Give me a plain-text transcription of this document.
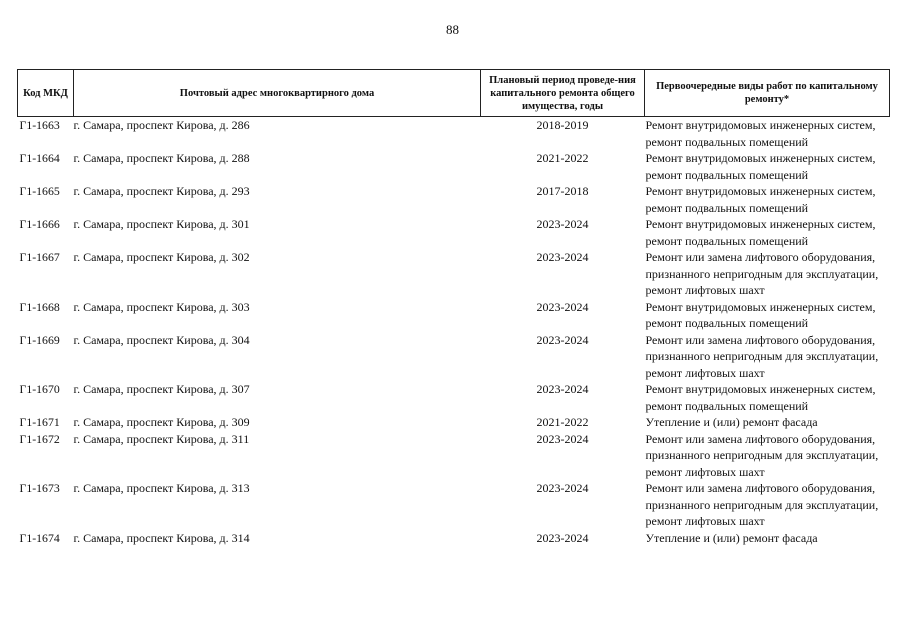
88
Код МКД	Почтовый адрес многоквартирного дома	Плановый период проведе-ния капитального ремонта общего имущества, годы	Первоочередные виды работ по капитальному ремонту*
Г1-1663	г. Самара, проспект Кирова, д. 286	2018-2019	Ремонт внутридомовых инженерных систем, ремонт подвальных помещений
Г1-1664	г. Самара, проспект Кирова, д. 288	2021-2022	Ремонт внутридомовых инженерных систем, ремонт подвальных помещений
Г1-1665	г. Самара, проспект Кирова, д. 293	2017-2018	Ремонт внутридомовых инженерных систем, ремонт подвальных помещений
Г1-1666	г. Самара, проспект Кирова, д. 301	2023-2024	Ремонт внутридомовых инженерных систем, ремонт подвальных помещений
Г1-1667	г. Самара, проспект Кирова, д. 302	2023-2024	Ремонт или замена лифтового оборудования, признанного непригодным для эксплуатации, ремонт лифтовых шахт
Г1-1668	г. Самара, проспект Кирова, д. 303	2023-2024	Ремонт внутридомовых инженерных систем, ремонт подвальных помещений
Г1-1669	г. Самара, проспект Кирова, д. 304	2023-2024	Ремонт или замена лифтового оборудования, признанного непригодным для эксплуатации, ремонт лифтовых шахт
Г1-1670	г. Самара, проспект Кирова, д. 307	2023-2024	Ремонт внутридомовых инженерных систем, ремонт подвальных помещений
Г1-1671	г. Самара, проспект Кирова, д. 309	2021-2022	Утепление и (или) ремонт фасада
Г1-1672	г. Самара, проспект Кирова, д. 311	2023-2024	Ремонт или замена лифтового оборудования, признанного непригодным для эксплуатации, ремонт лифтовых шахт
Г1-1673	г. Самара, проспект Кирова, д. 313	2023-2024	Ремонт или замена лифтового оборудования, признанного непригодным для эксплуатации, ремонт лифтовых шахт
Г1-1674	г. Самара, проспект Кирова, д. 314	2023-2024	Утепление и (или) ремонт фасада
